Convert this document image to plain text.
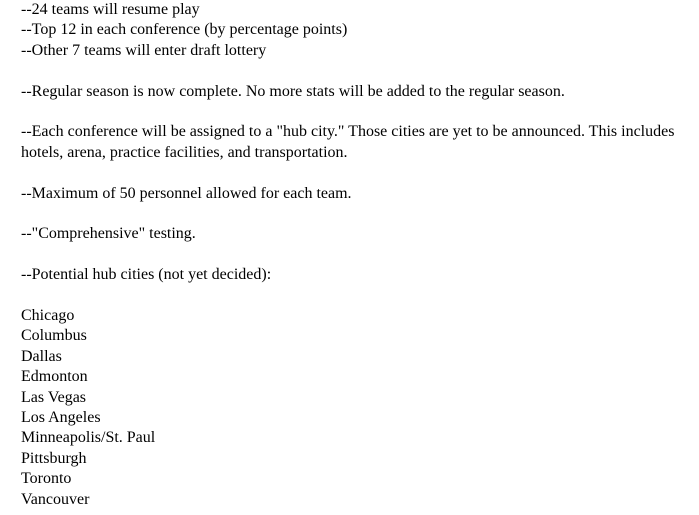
--24 teams will resume play

--Top 12 in each conference (by percentage points)

--Other 7 teams will enter draft lottery

--Regular season is now complete. No more stats will be added to the regular season.

--Each conference will be assigned to a "hub city." Those cities are yet to be announced. This includes hotels, arena, practice facilities, and transportation.

--Maximum of 50 personnel allowed for each team.

--"Comprehensive" testing.

--Potential hub cities (not yet decided):

Chicago

Columbus

Dallas

Edmonton

Las Vegas

Los Angeles

Minneapolis/St. Paul

Pittsburgh

Toronto

Vancouver
